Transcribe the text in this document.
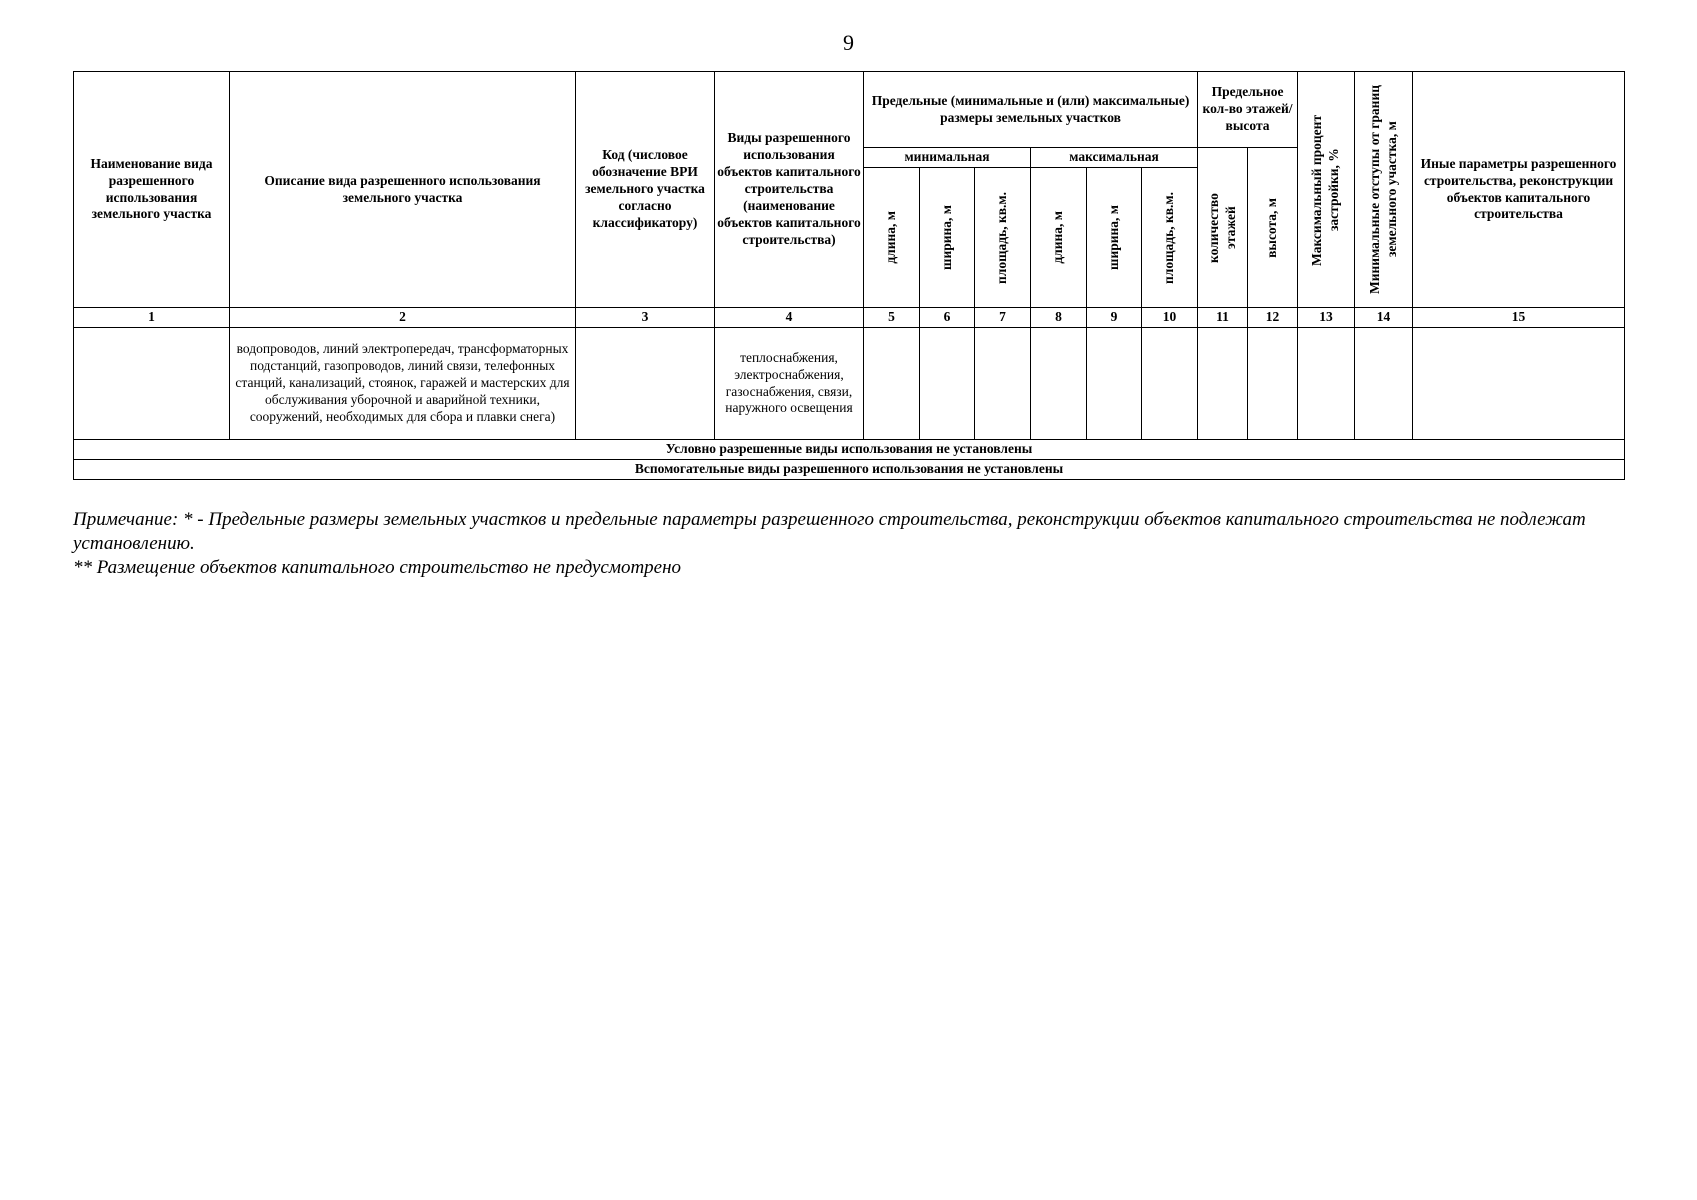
9
Наименование вида разрешенного использования земельного участка	Описание вида разрешенного использования земельного участка	Код (числовое обозначение ВРИ земельного участка согласно классификатору)	Виды разрешенного использования объектов капитального строительства (наименование объектов капитального строительства)	Предельные (минимальные и (или) максимальные) размеры земельных участков						Предельное кол-во этажей/ высота		Максимальный процент застройки, %	Минимальные отступы от границ земельного участка, м	Иные параметры разрешенного строительства, реконструкции объектов капитального строительства
				минимальная			максимальная			количество этажей	высота, м			

				длина, м	ширина, м	площадь, кв.м.	длина, м	ширина, м	площадь, кв.м.					

1	2	3	4	5	6	7	8	9	10	11	12	13	14	15
	водопроводов, линий электропередач, трансформаторных подстанций, газопроводов, линий связи, телефонных станций, канализаций, стоянок, гаражей и мастерских для обслуживания уборочной и аварийной техники, сооружений, необходимых для сбора и плавки снега)		теплоснабжения, электроснабжения, газоснабжения, связи, наружного освещения											
Условно разрешенные виды использования не установлены														
Вспомогательные виды разрешенного использования не установлены														

Примечание: * - Предельные размеры земельных участков и предельные параметры разрешенного строительства, реконструкции объектов капитального строительства не подлежат установлению.

** Размещение объектов капитального строительство не предусмотрено
